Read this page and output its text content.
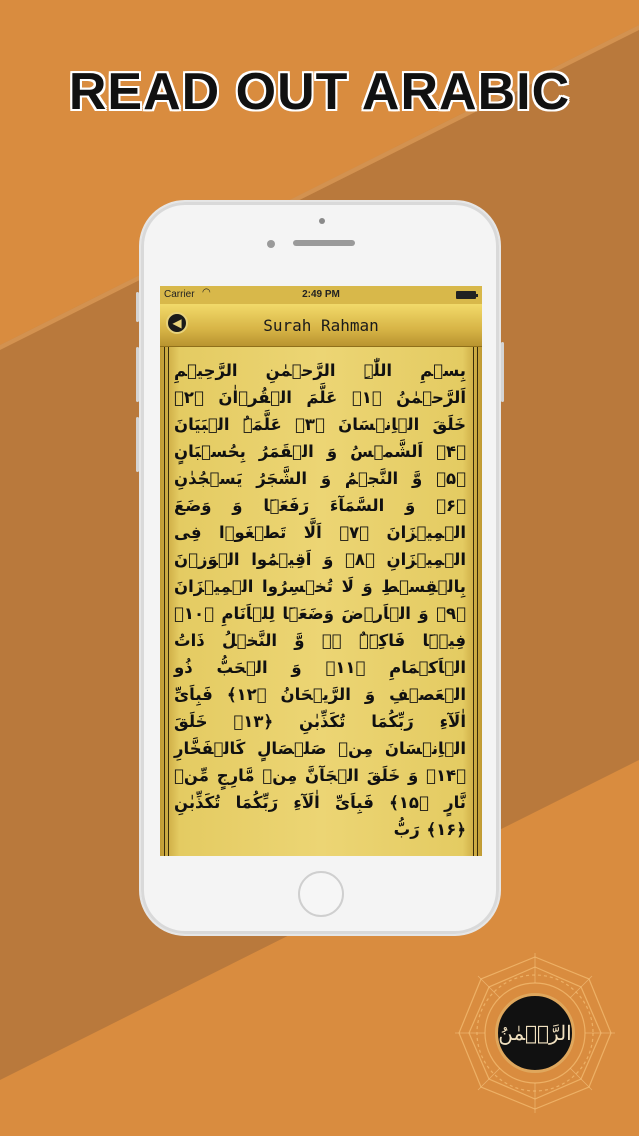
READ OUT ARABIC
Carrier ◠	2:49 PM
◀	Surah Rahman
بِسۡمِ اللّٰہِ الرَّحۡمٰنِ الرَّحِیۡمِ اَلرَّحۡمٰنُ ﴿۱﴾ عَلَّمَ الۡقُرۡاٰنَ ﴿۲﴾ خَلَقَ الۡاِنۡسَانَ ﴿۳﴾ عَلَّمَہُ الۡبَیَانَ ﴿۴﴾ اَلشَّمۡسُ وَ الۡقَمَرُ بِحُسۡبَانٍ ﴿۵﴾ وَّ النَّجۡمُ وَ الشَّجَرُ یَسۡجُدٰنِ ﴿۶﴾ وَ السَّمَآءَ رَفَعَہَا وَ وَضَعَ الۡمِیۡزَانَ ﴿۷﴾ اَلَّا تَطۡغَوۡا فِی الۡمِیۡزَانِ ﴿۸﴾ وَ اَقِیۡمُوا الۡوَزۡنَ بِالۡقِسۡطِ وَ لَا تُخۡسِرُوا الۡمِیۡزَانَ ﴿۹﴾ وَ الۡاَرۡضَ وَضَعَہَا لِلۡاَنَامِ ﴿۱۰﴾ فِیۡہَا فَاکِہَۃٌ ۪ۙ وَّ النَّخۡلُ ذَاتُ الۡاَکۡمَامِ ﴿۱۱﴾ وَ الۡحَبُّ ذُو الۡعَصۡفِ وَ الرَّیۡحَانُ ﴿۱۲﴾ فَبِاَیِّ اٰلَآءِ رَبِّکُمَا تُکَذِّبٰنِ ﴿۱۳﴾ خَلَقَ الۡاِنۡسَانَ مِنۡ صَلۡصَالٍ کَالۡفَخَّارِ ﴿۱۴﴾ وَ خَلَقَ الۡجَآنَّ مِنۡ مَّارِجٍ مِّنۡ نَّارٍ ﴿۱۵﴾ فَبِاَیِّ اٰلَآءِ رَبِّکُمَا تُکَذِّبٰنِ ﴿۱۶﴾ رَبُّ
الرَّحۡمٰنُ
